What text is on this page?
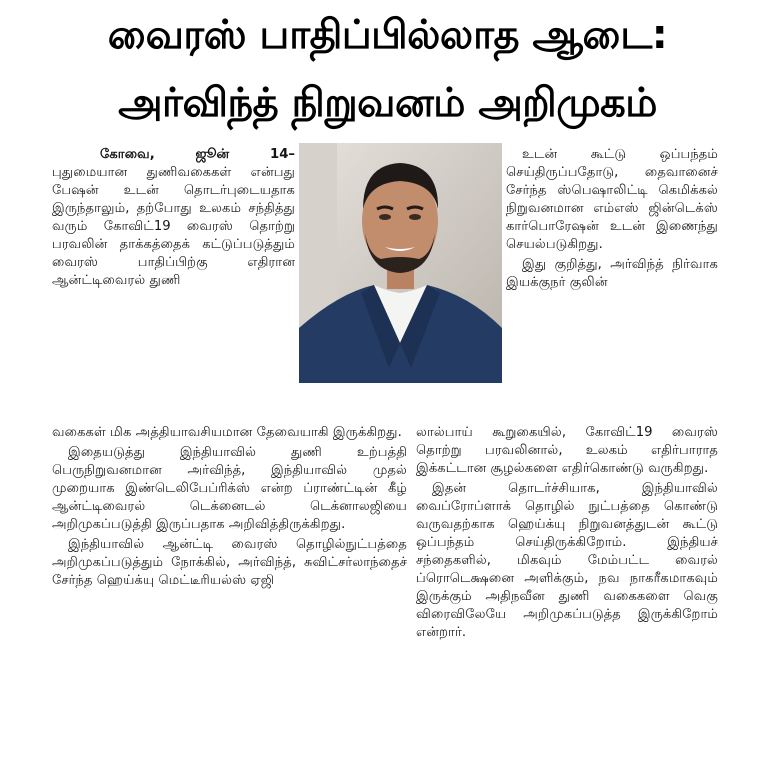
வைரஸ் பாதிப்பில்லாத ஆடை:
அர்விந்த் நிறுவனம் அறிமுகம்

கோவை, ஜூன் 14– புதுமையான துணிவகைகள் என்பது பேஷன் உடன் தொடர்புடையதாக இருந்தாலும், தற்போது உலகம் சந்தித்து வரும் கோவிட்19 வைரஸ் தொற்று பரவலின் தாக்கத்தைக் கட்டுப்படுத்தும் வைரஸ் பாதிப்பிற்கு எதிரான ஆன்ட்டிவைரல் துணி

உடன் கூட்டு ஒப்பந்தம் செய்திருப்பதோடு, தைவானைச் சேர்ந்த ஸ்பெஷாலிட்டி கெமிக்கல் நிறுவனமான எம்எஸ் ஜின்டெக்ஸ் கார்பொரேஷன் உடன் இணைந்து செயல்படுகிறது.

இது குறித்து, அர்விந்த் நிர்வாக இயக்குநர் குலின்

வகைகள் மிக அத்தியாவசியமான தேவையாகி இருக்கிறது.

இதையடுத்து இந்தியாவில் துணி உற்பத்தி பெருநிறுவனமான அர்விந்த், இந்தியாவில் முதல் முறையாக இண்டெலிபேப்ரிக்ஸ் என்ற ப்ராண்ட்டின் கீழ் ஆன்ட்டிவைரல் டெக்னைடல் டெக்னாலஜியை அறிமுகப்படுத்தி இருப்பதாக அறிவித்திருக்கிறது.

இந்தியாவில் ஆன்ட்டி வைரஸ் தொழில்நுட்பத்தை அறிமுகப்படுத்தும் நோக்கில், அர்விந்த், சுவிட்சர்லாந்தைச் சேர்ந்த ஹெய்க்யு மெட்டீரியல்ஸ் ஏஜி

லால்பாய் கூறுகையில், கோவிட்19 வைரஸ் தொற்று பரவலினால், உலகம் எதிர்பாராத இக்கட்டான சூழல்களை எதிர்கொண்டு வருகிறது.

இதன் தொடர்ச்சியாக, இந்தியாவில் வைப்ரோப்ளாக் தொழில் நுட்பத்தை கொண்டு வருவதற்காக ஹெய்க்யு நிறுவனத்துடன் கூட்டு ஒப்பந்தம் செய்திருக்கிறோம். இந்தியச் சந்தைகளில், மிகவும் மேம்பட்ட வைரல் ப்ரொடெக்ஷனை அளிக்கும், நவ நாகரீகமாகவும் இருக்கும் அதிநவீன துணி வகைகளை வெகு விரைவிலேயே அறிமுகப்படுத்த இருக்கிறோம் என்றார்.
